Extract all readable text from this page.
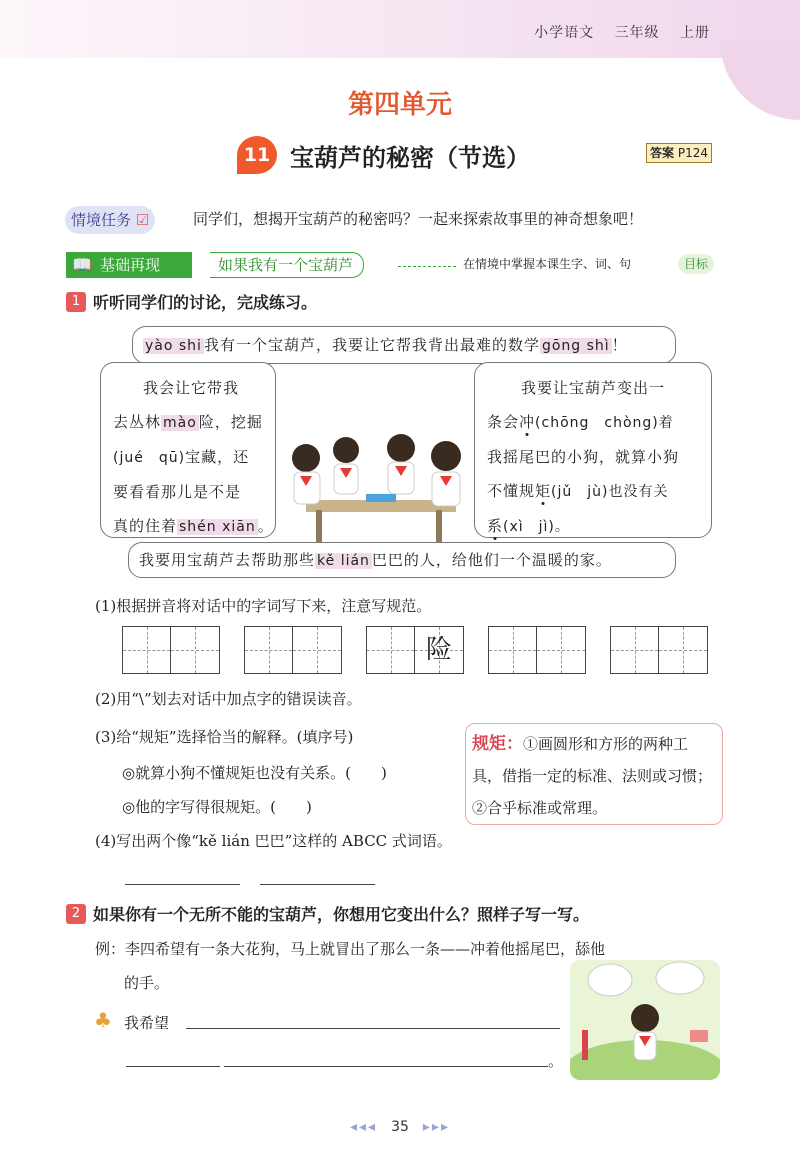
小学语文　 三年级　 上册
第四单元
11 宝葫芦的秘密（节选）	答案 P124
情境任务 ☑	同学们，想揭开宝葫芦的秘密吗？一起来探索故事里的神奇想象吧！
📖 基础再现	如果我有一个宝葫芦	在情境中掌握本课生字、词、句	目标
1 听听同学们的讨论，完成练习。
yào shi 我有一个宝葫芦，我要让它帮我背出最难的数学 gōng shì ！
我会让它带我
去丛林 mào 险，挖掘
(jué　qū)宝藏，还
要看看那儿是不是
真的住着 shén xiān 。
我要让宝葫芦变出一
条会冲(chōng　chòng)着
我摇尾巴的小狗，就算小狗
不懂规矩(jǔ　jù)也没有关
系(xì　jì)。
我要用宝葫芦去帮助那些 kě lián 巴巴的人，给他们一个温暖的家。
(1)根据拼音将对话中的字词写下来，注意写规范。
险
(2)用“\”划去对话中加点字的错误读音。
(3)给“规矩”选择恰当的解释。(填序号)
◎就算小狗不懂规矩也没有关系。(　　)
◎他的字写得很规矩。(　　)
规矩：①画圆形和方形的两种工具，借指一定的标准、法则或习惯；②合乎标准或常理。
(4)写出两个像“kě lián 巴巴”这样的 ABCC 式词语。
2 如果你有一个无所不能的宝葫芦，你想用它变出什么？照样子写一写。
例：李四希望有一条大花狗，马上就冒出了那么一条——冲着他摇尾巴，舔他
的手。
♣ 我希望
。
◂◂◂　 35　 ▸▸▸
